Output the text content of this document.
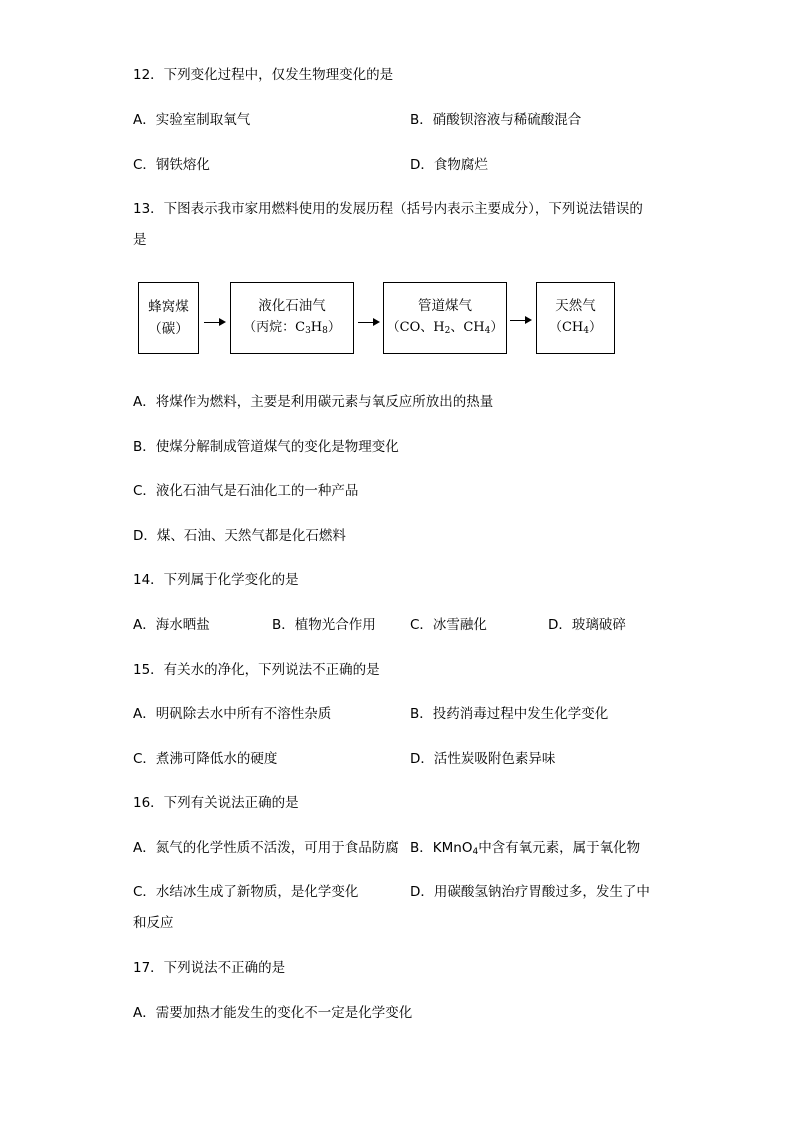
12．下列变化过程中，仅发生物理变化的是
A．实验室制取氧气	B．硝酸钡溶液与稀硫酸混合
C．钢铁熔化	D．食物腐烂
13．下图表示我市家用燃料使用的发展历程（括号内表示主要成分），下列说法错误的
是
蜂窝煤
（碳）
液化石油气
（丙烷：C3H8）
管道煤气
（CO、H2、CH4）
天然气
（CH4）
A．将煤作为燃料，主要是利用碳元素与氧反应所放出的热量
B．使煤分解制成管道煤气的变化是物理变化
C．液化石油气是石油化工的一种产品
D．煤、石油、天然气都是化石燃料
14．下列属于化学变化的是
A．海水晒盐	B．植物光合作用	C．冰雪融化	D．玻璃破碎
15．有关水的净化，下列说法不正确的是
A．明矾除去水中所有不溶性杂质	B．投药消毒过程中发生化学变化
C．煮沸可降低水的硬度	D．活性炭吸附色素异味
16．下列有关说法正确的是
A．氮气的化学性质不活泼，可用于食品防腐 B．KMnO4中含有氧元素，属于氧化物
C．水结冰生成了新物质，是化学变化	D．用碳酸氢钠治疗胃酸过多，发生了中
和反应
17．下列说法不正确的是
A．需要加热才能发生的变化不一定是化学变化
